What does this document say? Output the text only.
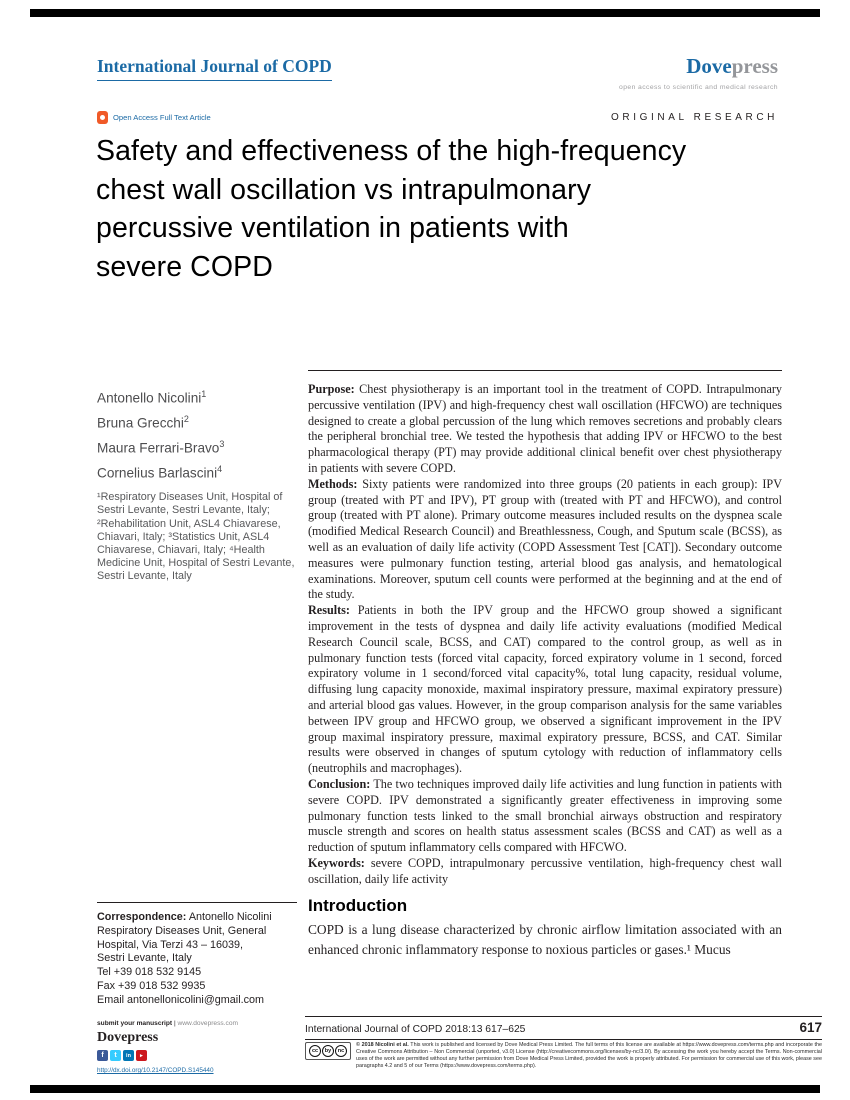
International Journal of COPD	Dovepress
open access to scientific and medical research
Open Access Full Text Article	ORIGINAL RESEARCH
Safety and effectiveness of the high-frequency
chest wall oscillation vs intrapulmonary
percussive ventilation in patients with
severe COPD
Antonello Nicolini$^1$
Bruna Grecchi$^2$
Maura Ferrari-Bravo$^3$
Cornelius Barlascini$^4$
¹Respiratory Diseases Unit, Hospital of Sestri Levante, Sestri Levante, Italy; ²Rehabilitation Unit, ASL4 Chiavarese, Chiavari, Italy; ³Statistics Unit, ASL4 Chiavarese, Chiavari, Italy; ⁴Health Medicine Unit, Hospital of Sestri Levante, Sestri Levante, Italy
Correspondence: Antonello Nicolini
Respiratory Diseases Unit, General
Hospital, Via Terzi 43 – 16039,
Sestri Levante, Italy
Tel +39 018 532 9145
Fax +39 018 532 9935
Email antonellonicolini@gmail.com

Purpose: Chest physiotherapy is an important tool in the treatment of COPD. Intrapulmonary percussive ventilation (IPV) and high-frequency chest wall oscillation (HFCWO) are techniques designed to create a global percussion of the lung which removes secretions and probably clears the peripheral bronchial tree. We tested the hypothesis that adding IPV or HFCWO to the best pharmacological therapy (PT) may provide additional clinical benefit over chest physiotherapy in patients with severe COPD.

Methods: Sixty patients were randomized into three groups (20 patients in each group): IPV group (treated with PT and IPV), PT group with (treated with PT and HFCWO), and control group (treated with PT alone). Primary outcome measures included results on the dyspnea scale (modified Medical Research Council) and Breathlessness, Cough, and Sputum scale (BCSS), as well as an evaluation of daily life activity (COPD Assessment Test [CAT]). Secondary outcome measures were pulmonary function testing, arterial blood gas analysis, and hematological examinations. Moreover, sputum cell counts were performed at the beginning and at the end of the study.

Results: Patients in both the IPV group and the HFCWO group showed a significant improvement in the tests of dyspnea and daily life activity evaluations (modified Medical Research Council scale, BCSS, and CAT) compared to the control group, as well as in pulmonary function tests (forced vital capacity, forced expiratory volume in 1 second, forced expiratory volume in 1 second/forced vital capacity%, total lung capacity, residual volume, diffusing lung capacity monoxide, maximal inspiratory pressure, maximal expiratory pressure) and arterial blood gas values. However, in the group comparison analysis for the same variables between IPV group and HFCWO group, we observed a significant improvement in the IPV group maximal inspiratory pressure, maximal expiratory pressure, BCSS, and CAT. Similar results were observed in changes of sputum cytology with reduction of inflammatory cells (neutrophils and macrophages).

Conclusion: The two techniques improved daily life activities and lung function in patients with severe COPD. IPV demonstrated a significantly greater effectiveness in improving some pulmonary function tests linked to the small bronchial airways obstruction and respiratory muscle strength and scores on health status assessment scales (BCSS and CAT) as well as a reduction of sputum inflammatory cells compared with HFCWO.

Keywords: severe COPD, intrapulmonary percussive ventilation, high-frequency chest wall oscillation, daily life activity

Introduction

COPD is a lung disease characterized by chronic airflow limitation associated with an enhanced chronic inflammatory response to noxious particles or gases.¹ Mucus

submit your manuscript | www.dovepress.com
Dovepress
f	t	in	►
http://dx.doi.org/10.2147/COPD.S145440
International Journal of COPD 2018:13 617–625	617
cc	by	nc
© 2018 Nicolini et al. This work is published and licensed by Dove Medical Press Limited. The full terms of this license are available at https://www.dovepress.com/terms.php and incorporate the Creative Commons Attribution – Non Commercial (unported, v3.0) License (http://creativecommons.org/licenses/by-nc/3.0/). By accessing the work you hereby accept the Terms. Non-commercial uses of the work are permitted without any further permission from Dove Medical Press Limited, provided the work is properly attributed. For permission for commercial use of this work, please see paragraphs 4.2 and 5 of our Terms (https://www.dovepress.com/terms.php).
